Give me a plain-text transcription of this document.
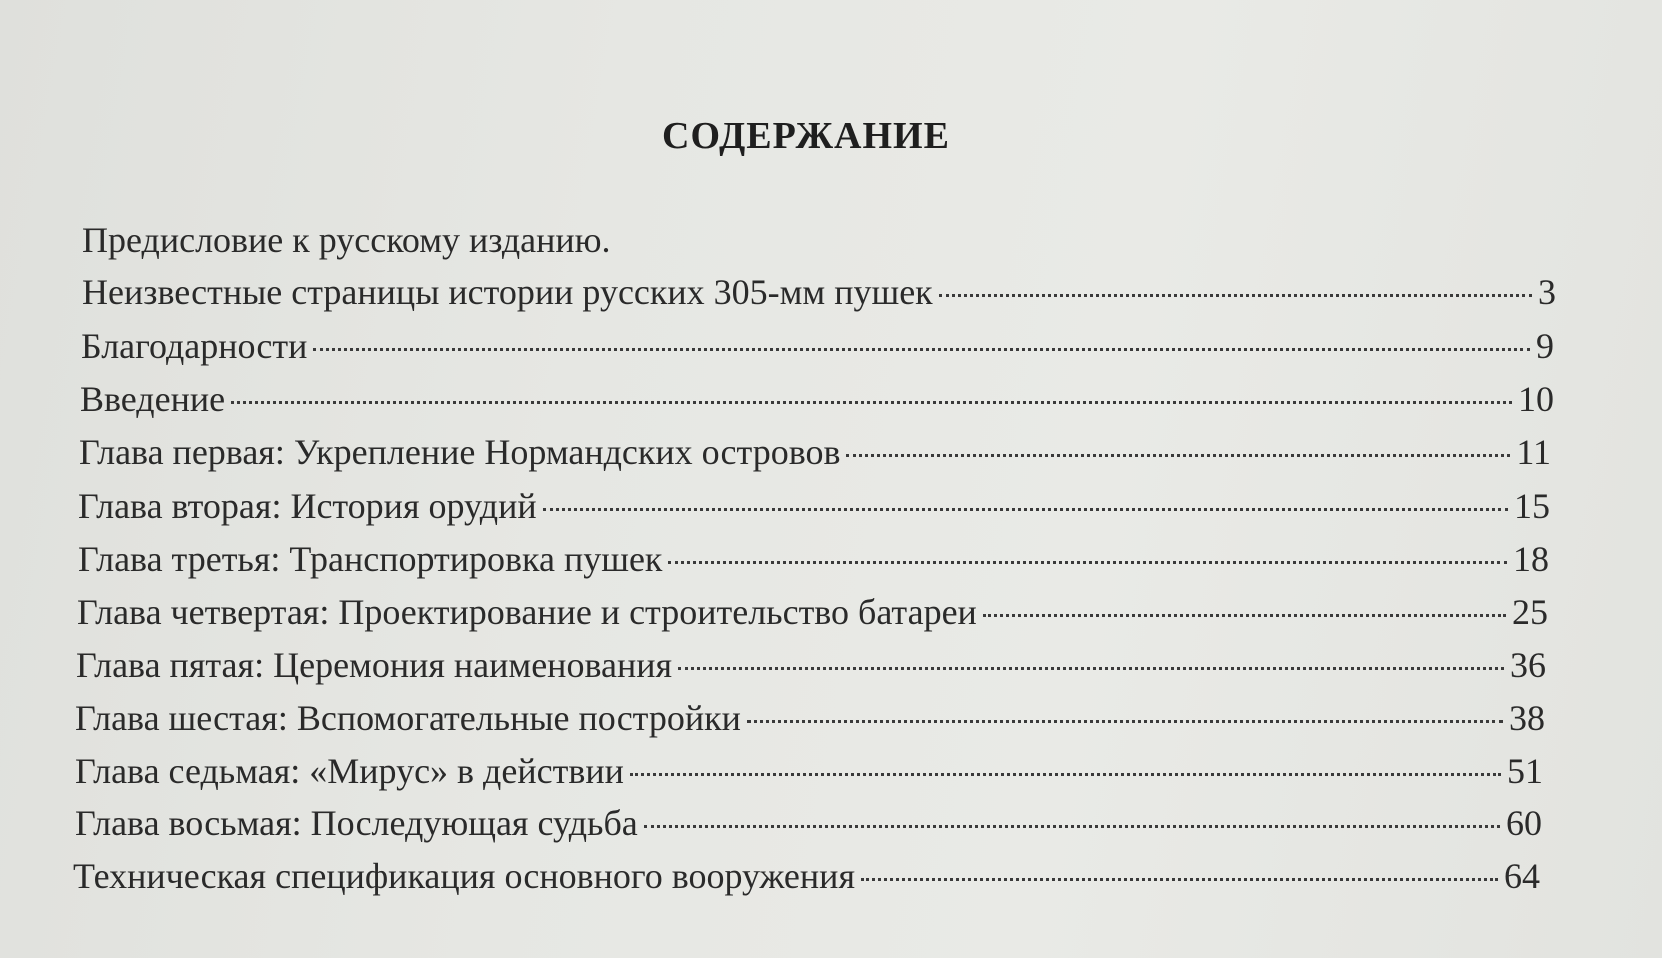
СОДЕРЖАНИЕ
Предисловие к русскому изданию.
Неизвестные страницы истории русских 305-мм пушек	3
Благодарности	9
Введение	10
Глава первая: Укрепление Нормандских островов	11
Глава вторая: История орудий	15
Глава третья: Транспортировка пушек	18
Глава четвертая: Проектирование и строительство батареи	25
Глава пятая: Церемония наименования	36
Глава шестая: Вспомогательные постройки	38
Глава седьмая: «Мирус» в действии	51
Глава восьмая: Последующая судьба	60
Техническая спецификация основного вооружения	64
